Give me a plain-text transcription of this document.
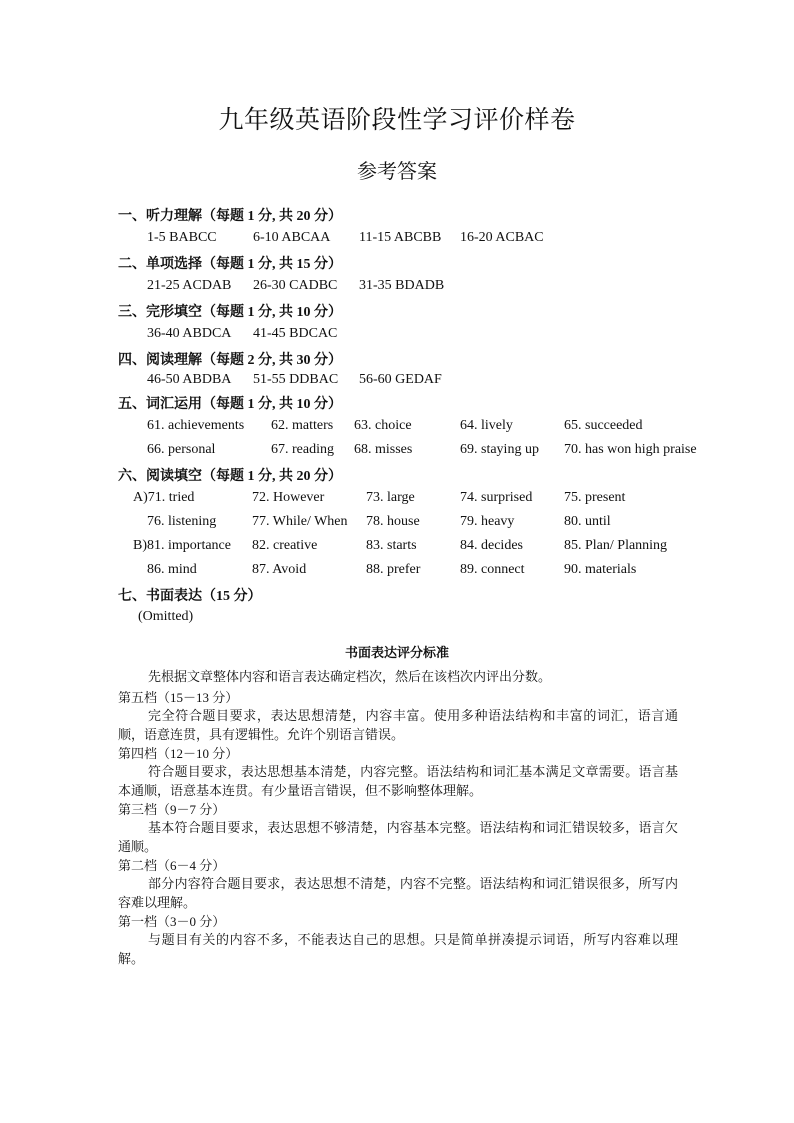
九年级英语阶段性学习评价样卷
参考答案
一、听力理解（每题 1 分, 共 20 分）
1-5 BABCC	6-10 ABCAA 11-15 ABCBB 16-20 ACBAC
二、单项选择（每题 1 分, 共 15 分）
21-25 ACDAB 26-30 CADBC 31-35 BDADB
三、完形填空（每题 1 分, 共 10 分）
36-40 ABDCA 41-45 BDCAC
四、阅读理解（每题 2 分, 共 30 分）
46-50 ABDBA 51-55 DDBAC 56-60 GEDAF
五、词汇运用（每题 1 分, 共 10 分）
61. achievements 62. matters 63. choice	64. lively	65. succeeded
66. personal	67. reading 68. misses	69. staying up 70. has won high praise
六、阅读填空（每题 1 分, 共 20 分）
A)71. tried	72. However	73. large	74. surprised 75. present
76. listening	77. While/ When 78. house	79. heavy	80. until
B)81. importance 82. creative	83. starts	84. decides	85. Plan/ Planning
86. mind	87. Avoid	88. prefer	89. connect	90. materials
七、书面表达（15 分）
(Omitted)
书面表达评分标准
先根据文章整体内容和语言表达确定档次，然后在该档次内评出分数。
第五档（15－13 分）
完全符合题目要求，表达思想清楚，内容丰富。使用多种语法结构和丰富的词汇，语言通顺，语意连贯，具有逻辑性。允许个别语言错误。
第四档（12－10 分）
符合题目要求，表达思想基本清楚，内容完整。语法结构和词汇基本满足文章需要。语言基本通顺，语意基本连贯。有少量语言错误，但不影响整体理解。
第三档（9－7 分）
基本符合题目要求，表达思想不够清楚，内容基本完整。语法结构和词汇错误较多，语言欠通顺。
第二档（6－4 分）
部分内容符合题目要求，表达思想不清楚，内容不完整。语法结构和词汇错误很多，所写内容难以理解。
第一档（3－0 分）
与题目有关的内容不多，不能表达自己的思想。只是简单拼凑提示词语，所写内容难以理解。
